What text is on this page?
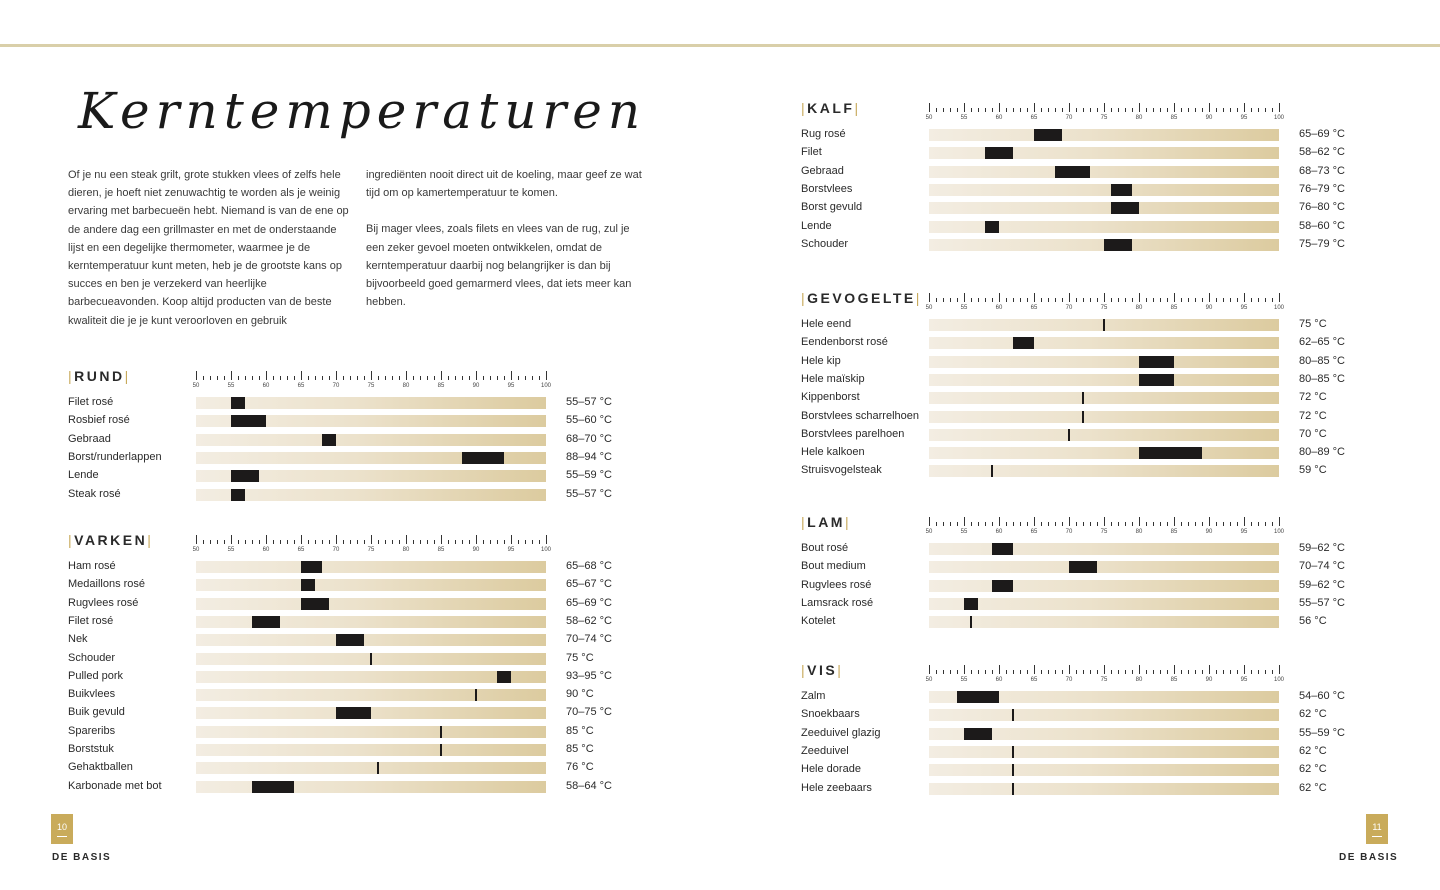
Kerntemperaturen

Of je nu een steak grilt, grote stukken vlees of zelfs hele dieren, je hoeft niet zenuwachtig te worden als je weinig ervaring met barbecueën hebt. Niemand is van de ene op de andere dag een grillmaster en met de onderstaande lijst en een degelijke thermometer, waarmee je de kerntemperatuur kunt meten, heb je de grootste kans op succes en ben je verzekerd van heerlijke barbecueavonden. Koop altijd producten van de beste kwaliteit die je je kunt veroorloven en gebruik

ingrediënten nooit direct uit de koeling, maar geef ze wat tijd om op kamertemperatuur te komen.

Bij mager vlees, zoals filets en vlees van de rug, zul je een zeker gevoel moeten ontwikkelen, omdat de kerntemperatuur daarbij nog belangrijker is dan bij bijvoorbeeld goed gemarmerd vlees, dat iets meer kan hebben.

|RUND|
50	55	60	65	70	75	80	85	90	95	100
Filet rosé	55–57 °C
Rosbief rosé	55–60 °C
Gebraad	68–70 °C
Borst/runderlappen	88–94 °C
Lende	55–59 °C
Steak rosé	55–57 °C
|VARKEN|
50	55	60	65	70	75	80	85	90	95	100
Ham rosé	65–68 °C
Medaillons rosé	65–67 °C
Rugvlees rosé	65–69 °C
Filet rosé	58–62 °C
Nek	70–74 °C
Schouder	75 °C
Pulled pork	93–95 °C
Buikvlees	90 °C
Buik gevuld	70–75 °C
Spareribs	85 °C
Borststuk	85 °C
Gehaktballen	76 °C
Karbonade met bot	58–64 °C
|KALF|
50	55	60	65	70	75	80	85	90	95	100
Rug rosé	65–69 °C
Filet	58–62 °C
Gebraad	68–73 °C
Borstvlees	76–79 °C
Borst gevuld	76–80 °C
Lende	58–60 °C
Schouder	75–79 °C
|GEVOGELTE|
50	55	60	65	70	75	80	85	90	95	100
Hele eend	75 °C
Eendenborst rosé	62–65 °C
Hele kip	80–85 °C
Hele maïskip	80–85 °C
Kippenborst	72 °C
Borstvlees scharrelhoen	72 °C
Borstvlees parelhoen	70 °C
Hele kalkoen	80–89 °C
Struisvogelsteak	59 °C
|LAM|
50	55	60	65	70	75	80	85	90	95	100
Bout rosé	59–62 °C
Bout medium	70–74 °C
Rugvlees rosé	59–62 °C
Lamsrack rosé	55–57 °C
Kotelet	56 °C
|VIS|
50	55	60	65	70	75	80	85	90	95	100
Zalm	54–60 °C
Snoekbaars	62 °C
Zeeduivel glazig	55–59 °C
Zeeduivel	62 °C
Hele dorade	62 °C
Hele zeebaars	62 °C
10
DE BASIS
11
DE BASIS
